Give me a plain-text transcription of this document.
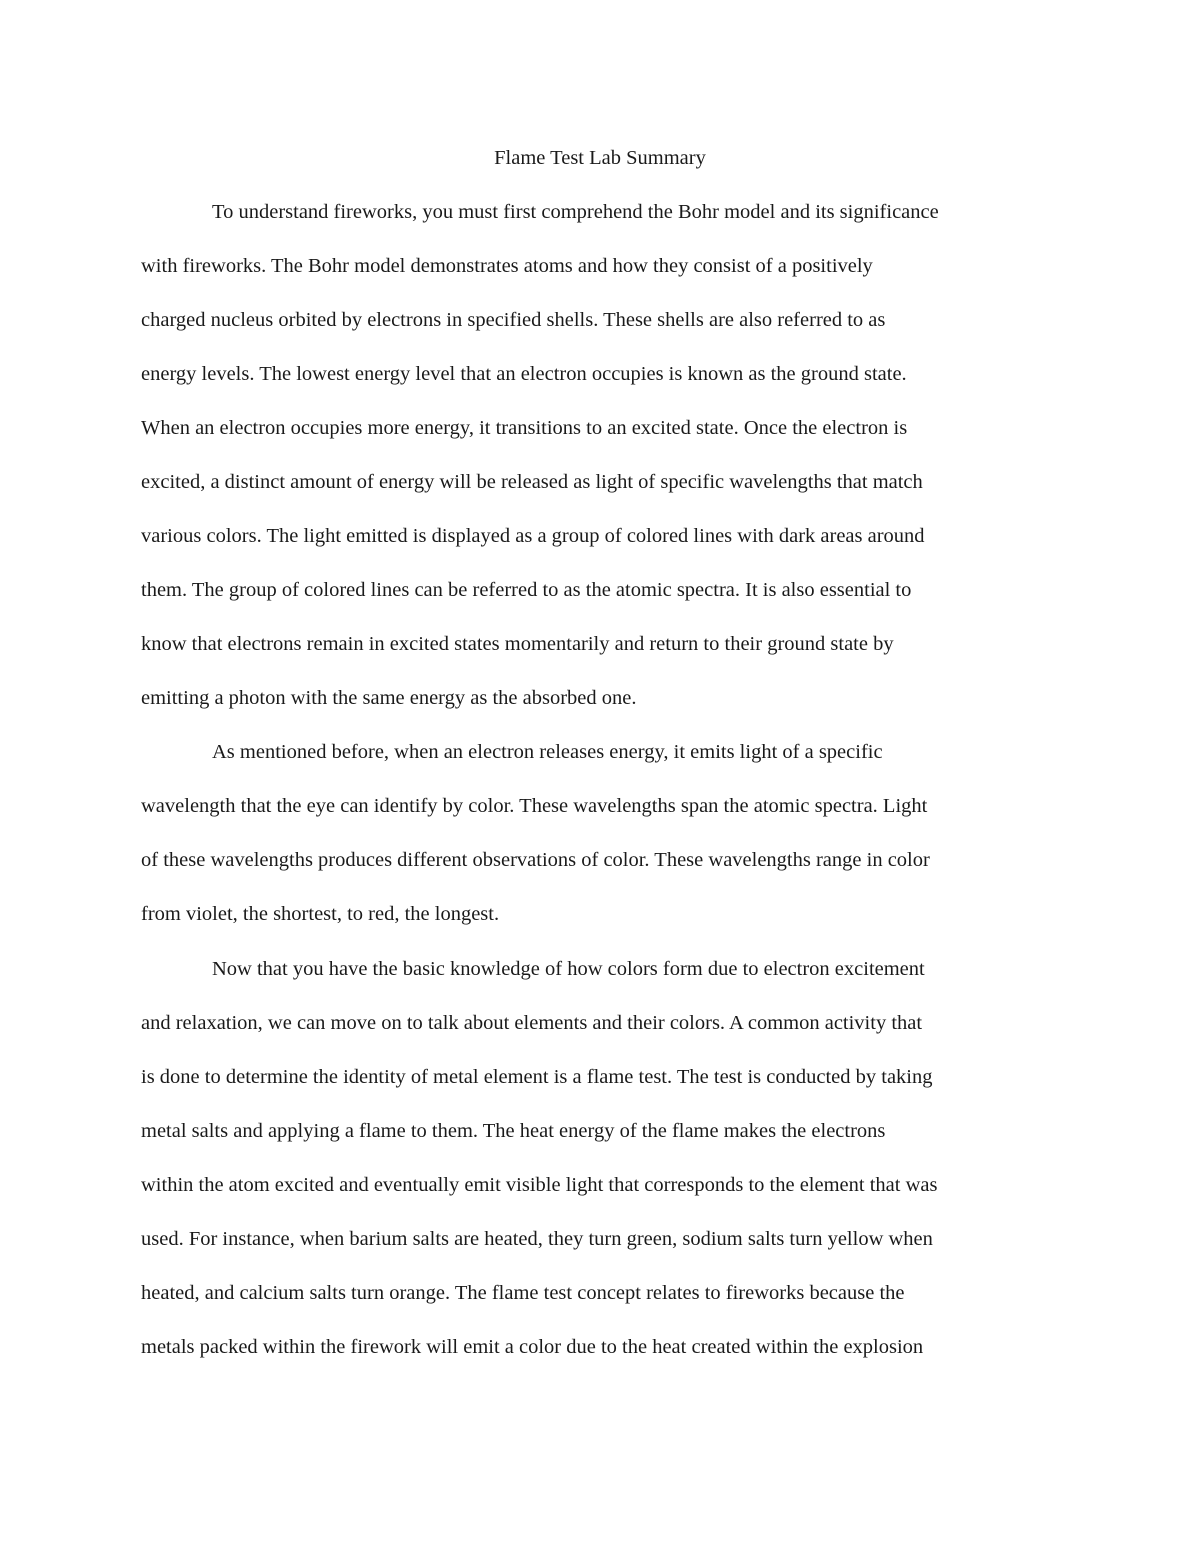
Flame Test Lab Summary

To understand fireworks, you must first comprehend the Bohr model and its significance

with fireworks. The Bohr model demonstrates atoms and how they consist of a positively

charged nucleus orbited by electrons in specified shells. These shells are also referred to as

energy levels. The lowest energy level that an electron occupies is known as the ground state.

When an electron occupies more energy, it transitions to an excited state. Once the electron is

excited, a distinct amount of energy will be released as light of specific wavelengths that match

various colors. The light emitted is displayed as a group of colored lines with dark areas around

them. The group of colored lines can be referred to as the atomic spectra. It is also essential to

know that electrons remain in excited states momentarily and return to their ground state by

emitting a photon with the same energy as the absorbed one.

As mentioned before, when an electron releases energy, it emits light of a specific

wavelength that the eye can identify by color. These wavelengths span the atomic spectra. Light

of these wavelengths produces different observations of color. These wavelengths range in color

from violet, the shortest, to red, the longest.

Now that you have the basic knowledge of how colors form due to electron excitement

and relaxation, we can move on to talk about elements and their colors. A common activity that

is done to determine the identity of metal element is a flame test. The test is conducted by taking

metal salts and applying a flame to them. The heat energy of the flame makes the electrons

within the atom excited and eventually emit visible light that corresponds to the element that was

used. For instance, when barium salts are heated, they turn green, sodium salts turn yellow when

heated, and calcium salts turn orange. The flame test concept relates to fireworks because the

metals packed within the firework will emit a color due to the heat created within the explosion
